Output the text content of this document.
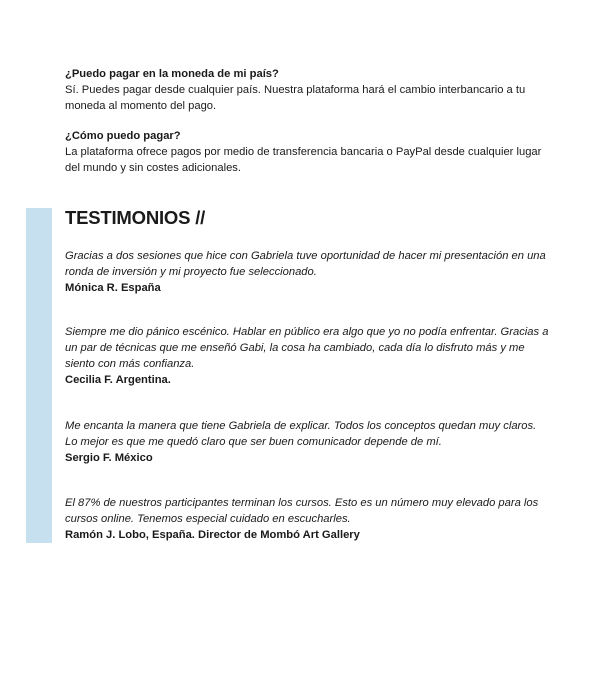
¿Puedo pagar en la moneda de mi país?

Sí. Puedes pagar desde cualquier país. Nuestra plataforma hará el cambio interbancario a tu moneda al momento del pago.

¿Cómo puedo pagar?

La plataforma ofrece pagos por medio de transferencia bancaria o PayPal desde cualquier lugar del mundo y sin costes adicionales.

TESTIMONIOS //

Gracias a dos sesiones que hice con Gabriela tuve oportunidad de hacer mi presentación en una ronda de inversión y mi proyecto fue seleccionado.

Mónica R. España

Siempre me dio pánico escénico. Hablar en público era algo que yo no podía enfrentar. Gracias a un par de técnicas que me enseñó Gabi, la cosa ha cambiado, cada día lo disfruto más y me siento con más confianza.

Cecilia F. Argentina.

Me encanta la manera que tiene Gabriela de explicar. Todos los conceptos quedan muy claros. Lo mejor es que me quedó claro que ser buen comunicador depende de mí.

Sergio F. México

El 87% de nuestros participantes terminan los cursos. Esto es un número muy elevado para los cursos online. Tenemos especial cuidado en escucharles.

Ramón J. Lobo, España. Director de Mombó Art Gallery
